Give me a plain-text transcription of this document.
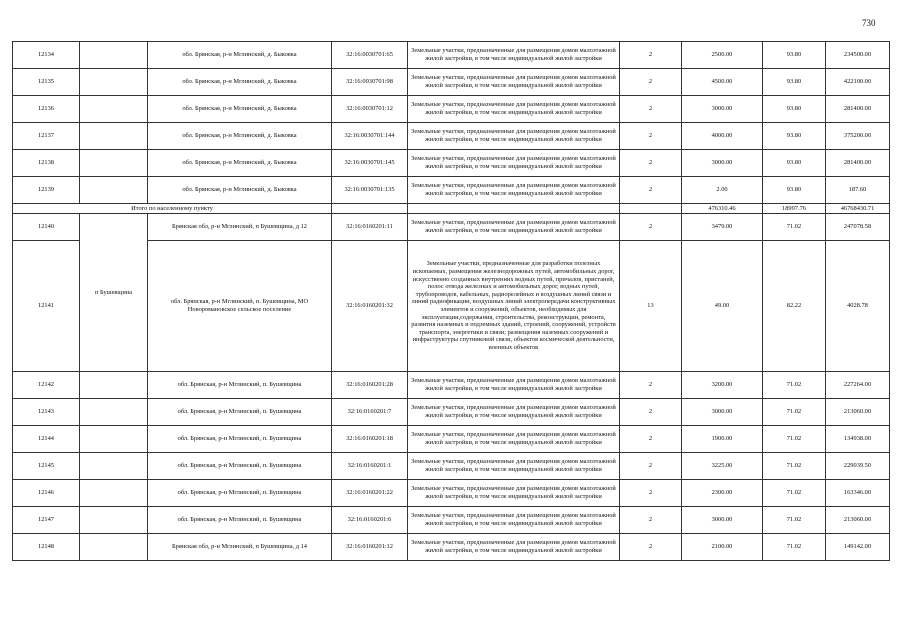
730
12134		обл. Брянская, р-н Мглинский, д. Быковка	32:16:0030701:65	Земельные участки, предназначенные для размещения домов малоэтажной жилой застройки, в том числе индивидуальной жилой застройки	2	2500.00	93.80	234500.00
12135		обл. Брянская, р-н Мглинский, д. Быковка	32:16:0030701:98	Земельные участки, предназначенные для размещения домов малоэтажной жилой застройки, в том числе индивидуальной жилой застройки	2	4500.00	93.80	422100.00
12136		обл. Брянская, р-н Мглинский, д. Быковка	32:16:0030701:12	Земельные участки, предназначенные для размещения домов малоэтажной жилой застройки, в том числе индивидуальной жилой застройки	2	3000.00	93.80	281400.00
12137		обл. Брянская, р-н Мглинский, д. Быковка	32:16:0030701:144	Земельные участки, предназначенные для размещения домов малоэтажной жилой застройки, в том числе индивидуальной жилой застройки	2	4000.00	93.80	375200.00
12138		обл. Брянская, р-н Мглинский, д. Быковка	32:16:0030701:145	Земельные участки, предназначенные для размещения домов малоэтажной жилой застройки, в том числе индивидуальной жилой застройки	2	3000.00	93.80	281400.00
12139		обл. Брянская, р-н Мглинский, д. Быковка	32:16:0030701:135	Земельные участки, предназначенные для размещения домов малоэтажной жилой застройки, в том числе индивидуальной жилой застройки	2	2.00	93.80	187.60
Итого по населенному пункту						476310.46	18997.76	46768430.71
12140	п Бушевщина	Брянская обл, р-н Мглинский, п Бушевщина, д 12	32:16:0160201:11	Земельные участки, предназначенные для размещения домов малоэтажной жилой застройки, в том числе индивидуальной жилой застройки	2	3479.00	71.02	247078.58
12141		обл. Брянская, р-н Мглинский, п. Бушевщина, МО Новоромановское сельское поселение	32:16:0160201:32	Земельные участки, предназначенные для разработки полезных ископаемых, размещения железнодорожных путей, автомобильных дорог, искусственно созданных внутренних водных путей, причалов, пристаней, полос отвода железных и автомобильных дорог, водных путей, трубопроводов, кабельных, радиорелейных и воздушных линий связи и линий радиофикации, воздушных линий электропередачи конструктивных элементов и сооружений, объектов, необходимых для эксплуатации,содержания, строительства, реконструкции, ремонта, развития наземных и подземных зданий, строений, сооружений, устройств транспорта, энергетики и связи; размещения наземных сооружений и инфраструктуры спутниковой связи, объектов космической деятельности, военных объектов	13	49.00	82.22	4028.78
12142		обл. Брянская, р-н Мглинский, п. Бушевщина	32:16:0160201:28	Земельные участки, предназначенные для размещения домов малоэтажной жилой застройки, в том числе индивидуальной жилой застройки	2	3200.00	71.02	227264.00
12143		обл. Брянская, р-н Мглинский, п. Бушевщина	32:16:0160201:7	Земельные участки, предназначенные для размещения домов малоэтажной жилой застройки, в том числе индивидуальной жилой застройки	2	3000.00	71.02	213060.00
12144		обл. Брянская, р-н Мглинский, п. Бушевщина	32:16:0160201:18	Земельные участки, предназначенные для размещения домов малоэтажной жилой застройки, в том числе индивидуальной жилой застройки	2	1900.00	71.02	134938.00
12145		обл. Брянская, р-н Мглинский, п. Бушевщина	32:16:0160201:1	Земельные участки, предназначенные для размещения домов малоэтажной жилой застройки, в том числе индивидуальной жилой застройки	2	3225.00	71.02	229039.50
12146		обл. Брянская, р-н Мглинский, п. Бушевщина	32:16:0160201:22	Земельные участки, предназначенные для размещения домов малоэтажной жилой застройки, в том числе индивидуальной жилой застройки	2	2300.00	71.02	163346.00
12147		обл. Брянская, р-н Мглинский, п. Бушевщина	32:16:0160201:6	Земельные участки, предназначенные для размещения домов малоэтажной жилой застройки, в том числе индивидуальной жилой застройки	2	3000.00	71.02	213060.00
12148		Брянская обл, р-н Мглинский, п Бушевщина, д 14	32:16:0160201:12	Земельные участки, предназначенные для размещения домов малоэтажной жилой застройки, в том числе индивидуальной жилой застройки	2	2100.00	71.02	149142.00
